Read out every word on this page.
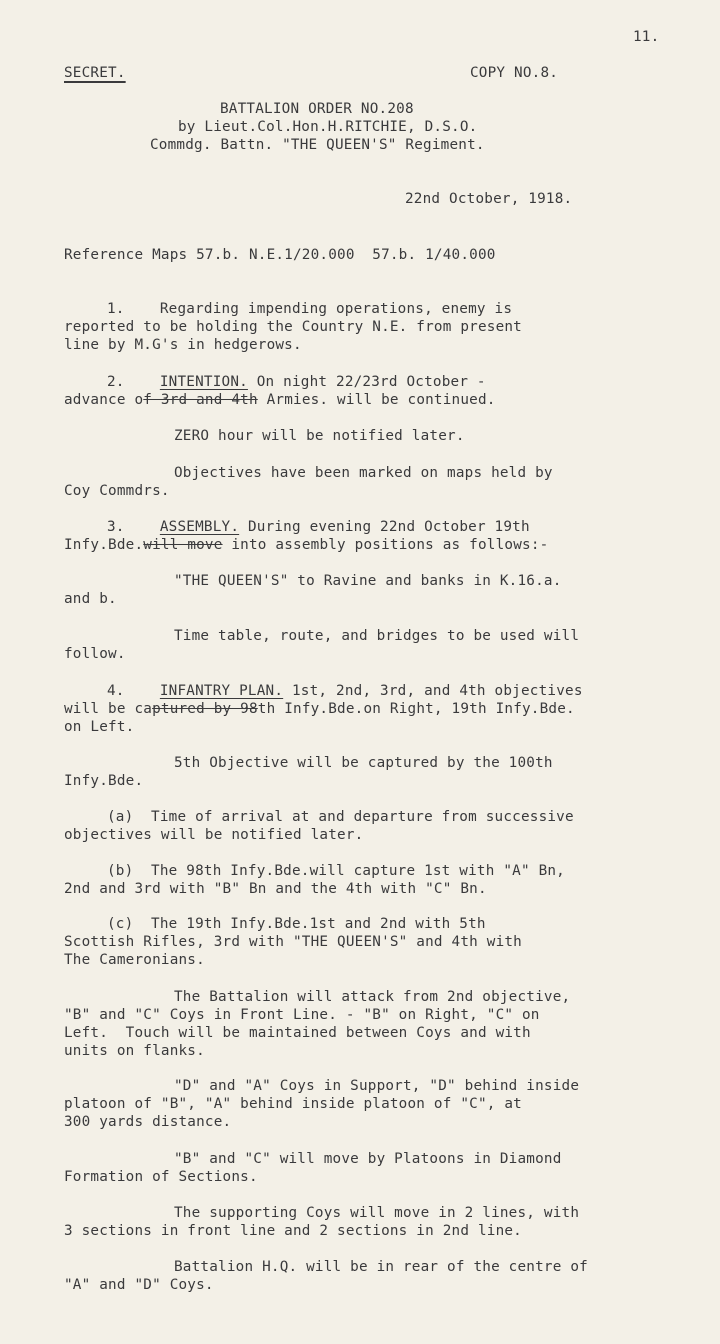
11.

SECRET.	COPY NO.8.

BATTALION ORDER NO.208

by Lieut.Col.Hon.H.RITCHIE, D.S.O.

Commdg. Battn. "THE QUEEN'S" Regiment.

22nd October, 1918.

Reference Maps 57.b. N.E.1/20.000  57.b. 1/40.000

1.    Regarding impending operations, enemy is

reported to be holding the Country N.E. from present

line by M.G's in hedgerows.

2. INTENTION. On night 22/23rd October -

advance of 3rd and 4th Armies. will be continued.

ZERO hour will be notified later.

Objectives have been marked on maps held by

Coy Commdrs.

3. ASSEMBLY. During evening 22nd October 19th

Infy.Bde.will move into assembly positions as follows:-

"THE QUEEN'S" to Ravine and banks in K.16.a.

and b.

Time table, route, and bridges to be used will

follow.

4. INFANTRY PLAN. 1st, 2nd, 3rd, and 4th objectives

will be captured by 98th Infy.Bde.on Right, 19th Infy.Bde.

on Left.

5th Objective will be captured by the 100th

Infy.Bde.

(a)  Time of arrival at and departure from successive

objectives will be notified later.

(b)  The 98th Infy.Bde.will capture 1st with "A" Bn,

2nd and 3rd with "B" Bn and the 4th with "C" Bn.

(c)  The 19th Infy.Bde.1st and 2nd with 5th

Scottish Rifles, 3rd with "THE QUEEN'S" and 4th with

The Cameronians.

The Battalion will attack from 2nd objective,

"B" and "C" Coys in Front Line. - "B" on Right, "C" on

Left.  Touch will be maintained between Coys and with

units on flanks.

"D" and "A" Coys in Support, "D" behind inside

platoon of "B", "A" behind inside platoon of "C", at

300 yards distance.

"B" and "C" will move by Platoons in Diamond

Formation of Sections.

The supporting Coys will move in 2 lines, with

3 sections in front line and 2 sections in 2nd line.

Battalion H.Q. will be in rear of the centre of

"A" and "D" Coys.
